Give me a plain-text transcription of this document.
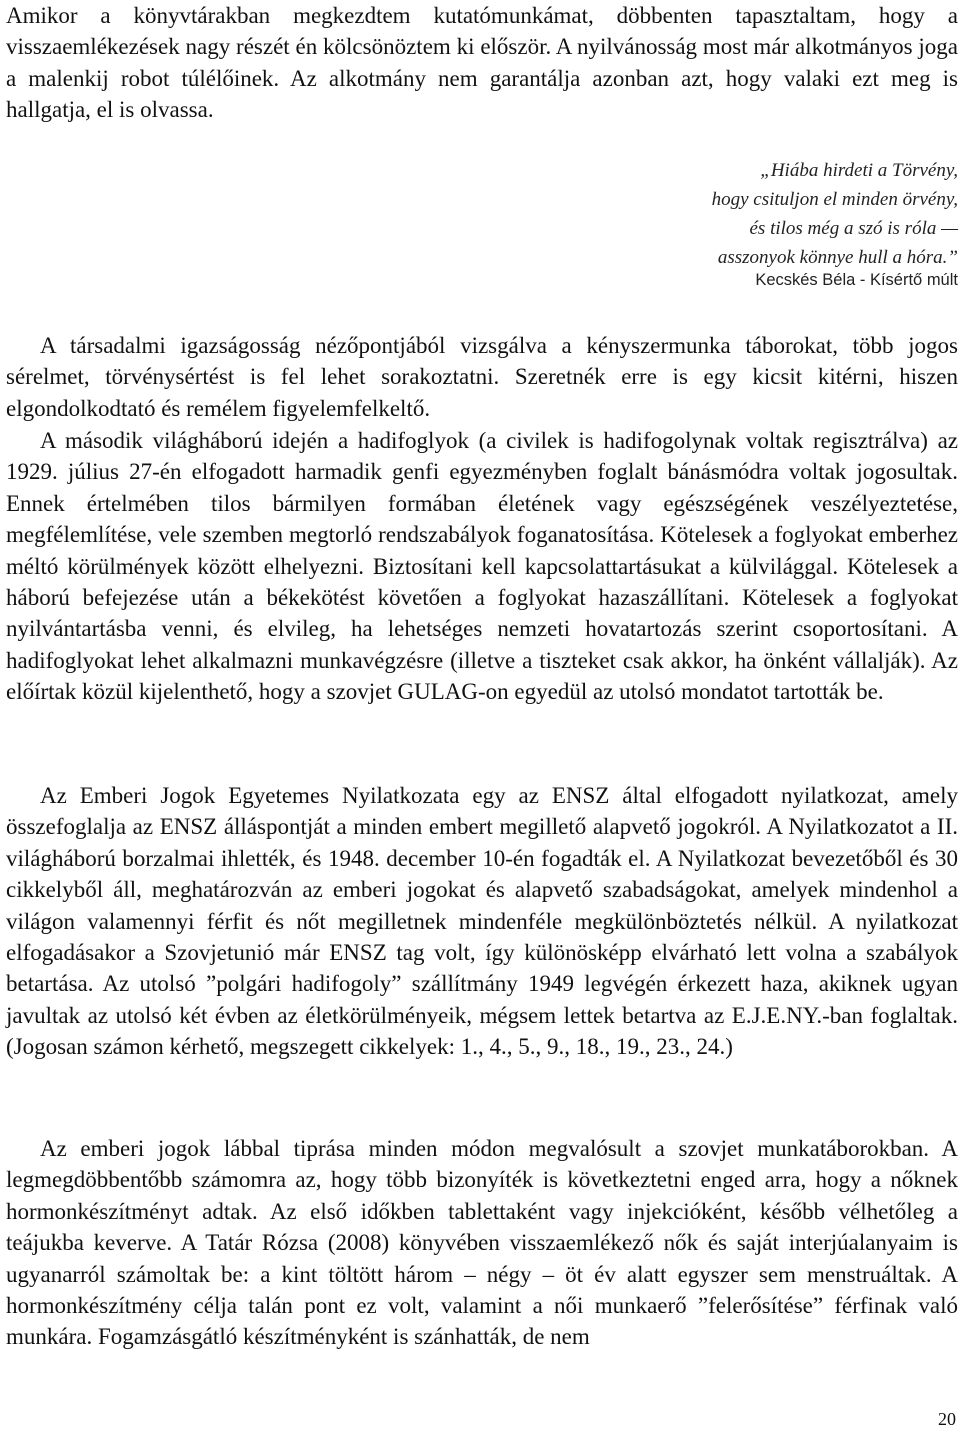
Amikor a könyvtárakban megkezdtem kutatómunkámat, döbbenten tapasztaltam, hogy a visszaemlékezések nagy részét én kölcsönöztem ki először. A nyilvánosság most már alkotmányos joga a malenkij robot túlélőinek. Az alkotmány nem garantálja azonban azt, hogy valaki ezt meg is hallgatja, el is olvassa.

„Hiába hirdeti a Törvény,
hogy csituljon el minden örvény,
és tilos még a szó is róla —
asszonyok könnye hull a hóra.”
Kecskés Béla - Kísértő múlt

A társadalmi igazságosság nézőpontjából vizsgálva a kényszermunka táborokat, több jogos sérelmet, törvénysértést is fel lehet sorakoztatni. Szeretnék erre is egy kicsit kitérni, hiszen elgondolkodtató és remélem figyelemfelkeltő.

A második világháború idején a hadifoglyok (a civilek is hadifogolynak voltak regisztrálva) az 1929. július 27-én elfogadott harmadik genfi egyezményben foglalt bánásmódra voltak jogosultak. Ennek értelmében tilos bármilyen formában életének vagy egészségének veszélyeztetése, megfélemlítése, vele szemben megtorló rendszabályok foganatosítása. Kötelesek a foglyokat emberhez méltó körülmények között elhelyezni. Biztosítani kell kapcsolattartásukat a külvilággal. Kötelesek a háború befejezése után a békekötést követően a foglyokat hazaszállítani. Kötelesek a foglyokat nyilvántartásba venni, és elvileg, ha lehetséges nemzeti hovatartozás szerint csoportosítani. A hadifoglyokat lehet alkalmazni munkavégzésre (illetve a tiszteket csak akkor, ha önként vállalják). Az előírtak közül kijelenthető, hogy a szovjet GULAG-on egyedül az utolsó mondatot tartották be.

Az Emberi Jogok Egyetemes Nyilatkozata egy az ENSZ által elfogadott nyilatkozat, amely összefoglalja az ENSZ álláspontját a minden embert megillető alapvető jogokról. A Nyilatkozatot a II. világháború borzalmai ihlették, és 1948. december 10-én fogadták el. A Nyilatkozat bevezetőből és 30 cikkelyből áll, meghatározván az emberi jogokat és alapvető szabadságokat, amelyek mindenhol a világon valamennyi férfit és nőt megilletnek mindenféle megkülönböztetés nélkül. A nyilatkozat elfogadásakor a Szovjetunió már ENSZ tag volt, így különösképp elvárható lett volna a szabályok betartása. Az utolsó ”polgári hadifogoly” szállítmány 1949 legvégén érkezett haza, akiknek ugyan javultak az utolsó két évben az életkörülményeik, mégsem lettek betartva az E.J.E.NY.-ban foglaltak. (Jogosan számon kérhető, megszegett cikkelyek: 1., 4., 5., 9., 18., 19., 23., 24.)

Az emberi jogok lábbal tiprása minden módon megvalósult a szovjet munkatáborokban. A legmegdöbbentőbb számomra az, hogy több bizonyíték is következtetni enged arra, hogy a nőknek hormonkészítményt adtak. Az első időkben tablettaként vagy injekcióként, később vélhetőleg a teájukba keverve. A Tatár Rózsa (2008) könyvében visszaemlékező nők és saját interjúalanyaim is ugyanarról számoltak be: a kint töltött három – négy – öt év alatt egyszer sem menstruáltak. A hormonkészítmény célja talán pont ez volt, valamint a női munkaerő ”felerősítése” férfinak való munkára. Fogamzásgátló készítményként is szánhatták, de nem

20
